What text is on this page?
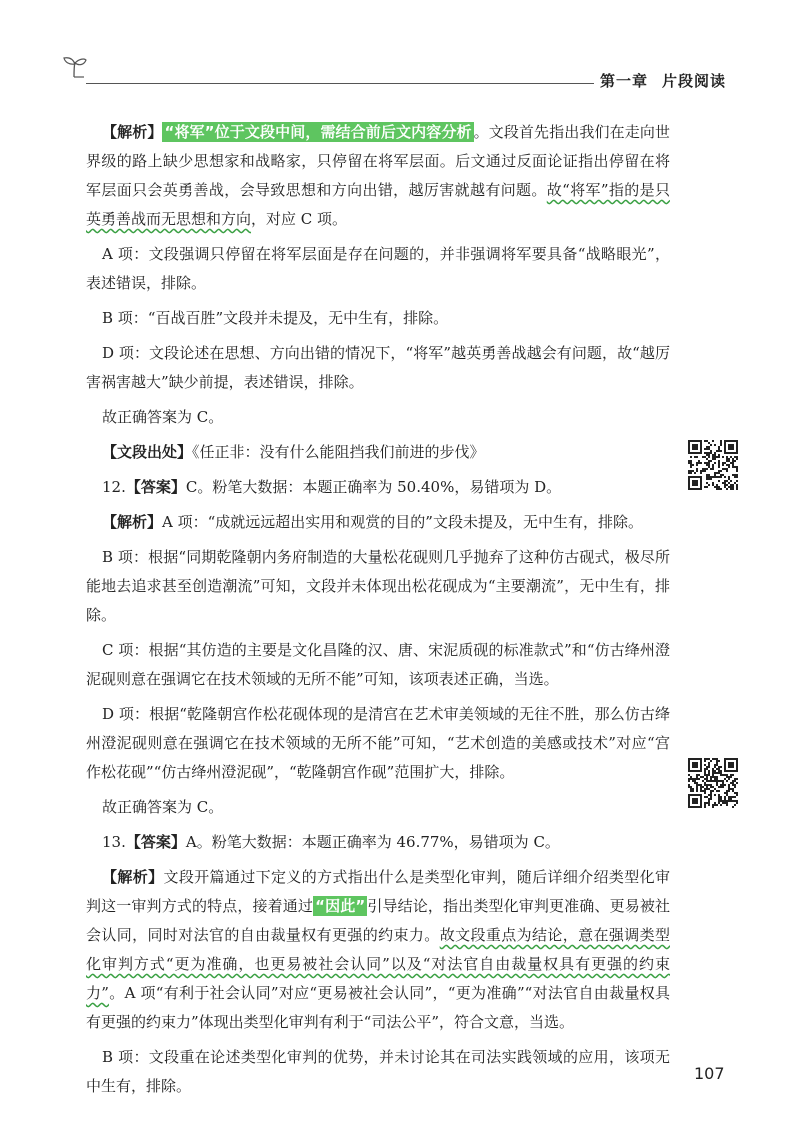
第一章 片段阅读

【解析】 “将军”位于文段中间，需结合前后文内容分析 。文段首先指出我们在走向世界级的路上缺少思想家和战略家，只停留在将军层面。后文通过反面论证指出停留在将军层面只会英勇善战，会导致思想和方向出错，越厉害就越有问题。故“将军”指的是只英勇善战而无思想和方向，对应 C 项。

A 项：文段强调只停留在将军层面是存在问题的，并非强调将军要具备“战略眼光”，表述错误，排除。

B 项：“百战百胜”文段并未提及，无中生有，排除。

D 项：文段论述在思想、方向出错的情况下，“将军”越英勇善战越会有问题，故“越厉害祸害越大”缺少前提，表述错误，排除。

故正确答案为 C。

【文段出处】《任正非：没有什么能阻挡我们前进的步伐》

12.【答案】C。粉笔大数据：本题正确率为 50.40%，易错项为 D。

【解析】A 项：“成就远远超出实用和观赏的目的”文段未提及，无中生有，排除。

B 项：根据“同期乾隆朝内务府制造的大量松花砚则几乎抛弃了这种仿古砚式，极尽所能地去追求甚至创造潮流”可知，文段并未体现出松花砚成为“主要潮流”，无中生有，排除。

C 项：根据“其仿造的主要是文化昌隆的汉、唐、宋泥质砚的标准款式”和“仿古绛州澄泥砚则意在强调它在技术领域的无所不能”可知，该项表述正确，当选。

D 项：根据“乾隆朝宫作松花砚体现的是清宫在艺术审美领域的无往不胜，那么仿古绛州澄泥砚则意在强调它在技术领域的无所不能”可知，“艺术创造的美感或技术”对应“宫作松花砚”“仿古绛州澄泥砚”，“乾隆朝宫作砚”范围扩大，排除。

故正确答案为 C。

13.【答案】A。粉笔大数据：本题正确率为 46.77%，易错项为 C。

【解析】文段开篇通过下定义的方式指出什么是类型化审判，随后详细介绍类型化审判这一审判方式的特点，接着通过 “因此” 引导结论，指出类型化审判更准确、更易被社会认同，同时对法官的自由裁量权有更强的约束力。故文段重点为结论，意在强调类型化审判方式“更为准确，也更易被社会认同”以及“对法官自由裁量权具有更强的约束力”。A 项“有利于社会认同”对应“更易被社会认同”，“更为准确”“对法官自由裁量权具有更强的约束力”体现出类型化审判有利于“司法公平”，符合文意，当选。

B 项：文段重在论述类型化审判的优势，并未讨论其在司法实践领域的应用，该项无中生有，排除。

107
